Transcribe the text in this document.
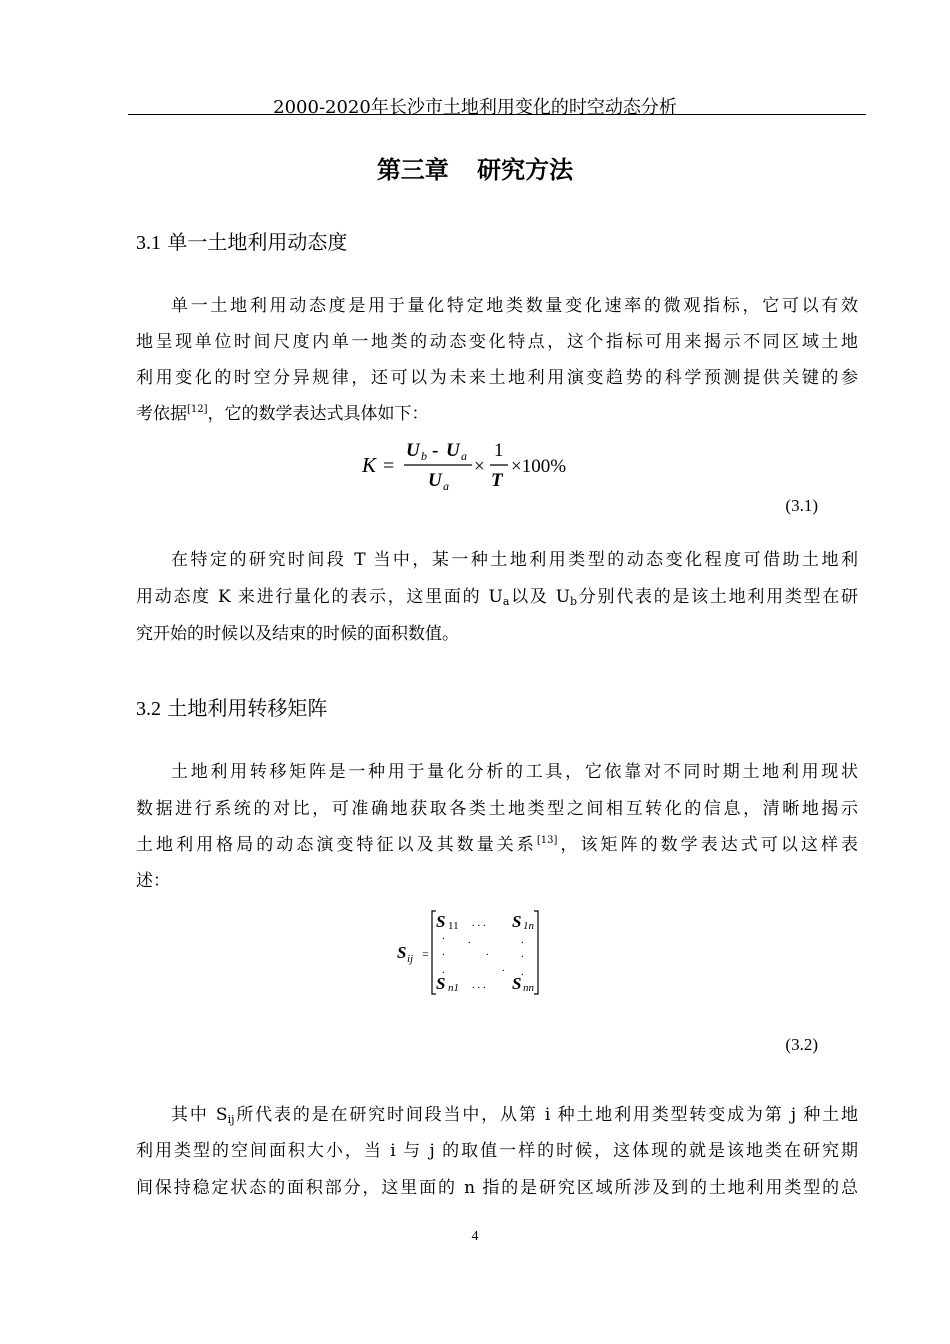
2000-2020年长沙市土地利用变化的时空动态分析
第三章 研究方法
3.1 单一土地利用动态度
单一土地利用动态度是用于量化特定地类数量变化速率的微观指标，它可以有效
地呈现单位时间尺度内单一地类的动态变化特点，这个指标可用来揭示不同区域土地
利用变化的时空分异规律，还可以为未来土地利用演变趋势的科学预测提供关键的参
考依据[12]，它的数学表达式具体如下：
K =
U b - U a
U a
×
1
T
×100%
(3.1)
在特定的研究时间段 T 当中，某一种土地利用类型的动态变化程度可借助土地利
用动态度 K 来进行量化的表示，这里面的 $U_a$以及 $U_b$分别代表的是该土地利用类型在研
究开始的时候以及结束的时候的面积数值。
3.2 土地利用转移矩阵
土地利用转移矩阵是一种用于量化分析的工具，它依靠对不同时期土地利用现状
数据进行系统的对比，可准确地获取各类土地类型之间相互转化的信息，清晰地揭示
土地利用格局的动态演变特征以及其数量关系[13]，该矩阵的数学表达式可以这样表
述：
S ij =
S 11 . . . S 1n
. .	.
.	.	.
.	. .
S n1 . . . S nn
(3.2)
其中 $S_{ij}$所代表的是在研究时间段当中，从第 i 种土地利用类型转变成为第 j 种土地
利用类型的空间面积大小，当 i 与 j 的取值一样的时候，这体现的就是该地类在研究期
间保持稳定状态的面积部分，这里面的 n 指的是研究区域所涉及到的土地利用类型的总
4
